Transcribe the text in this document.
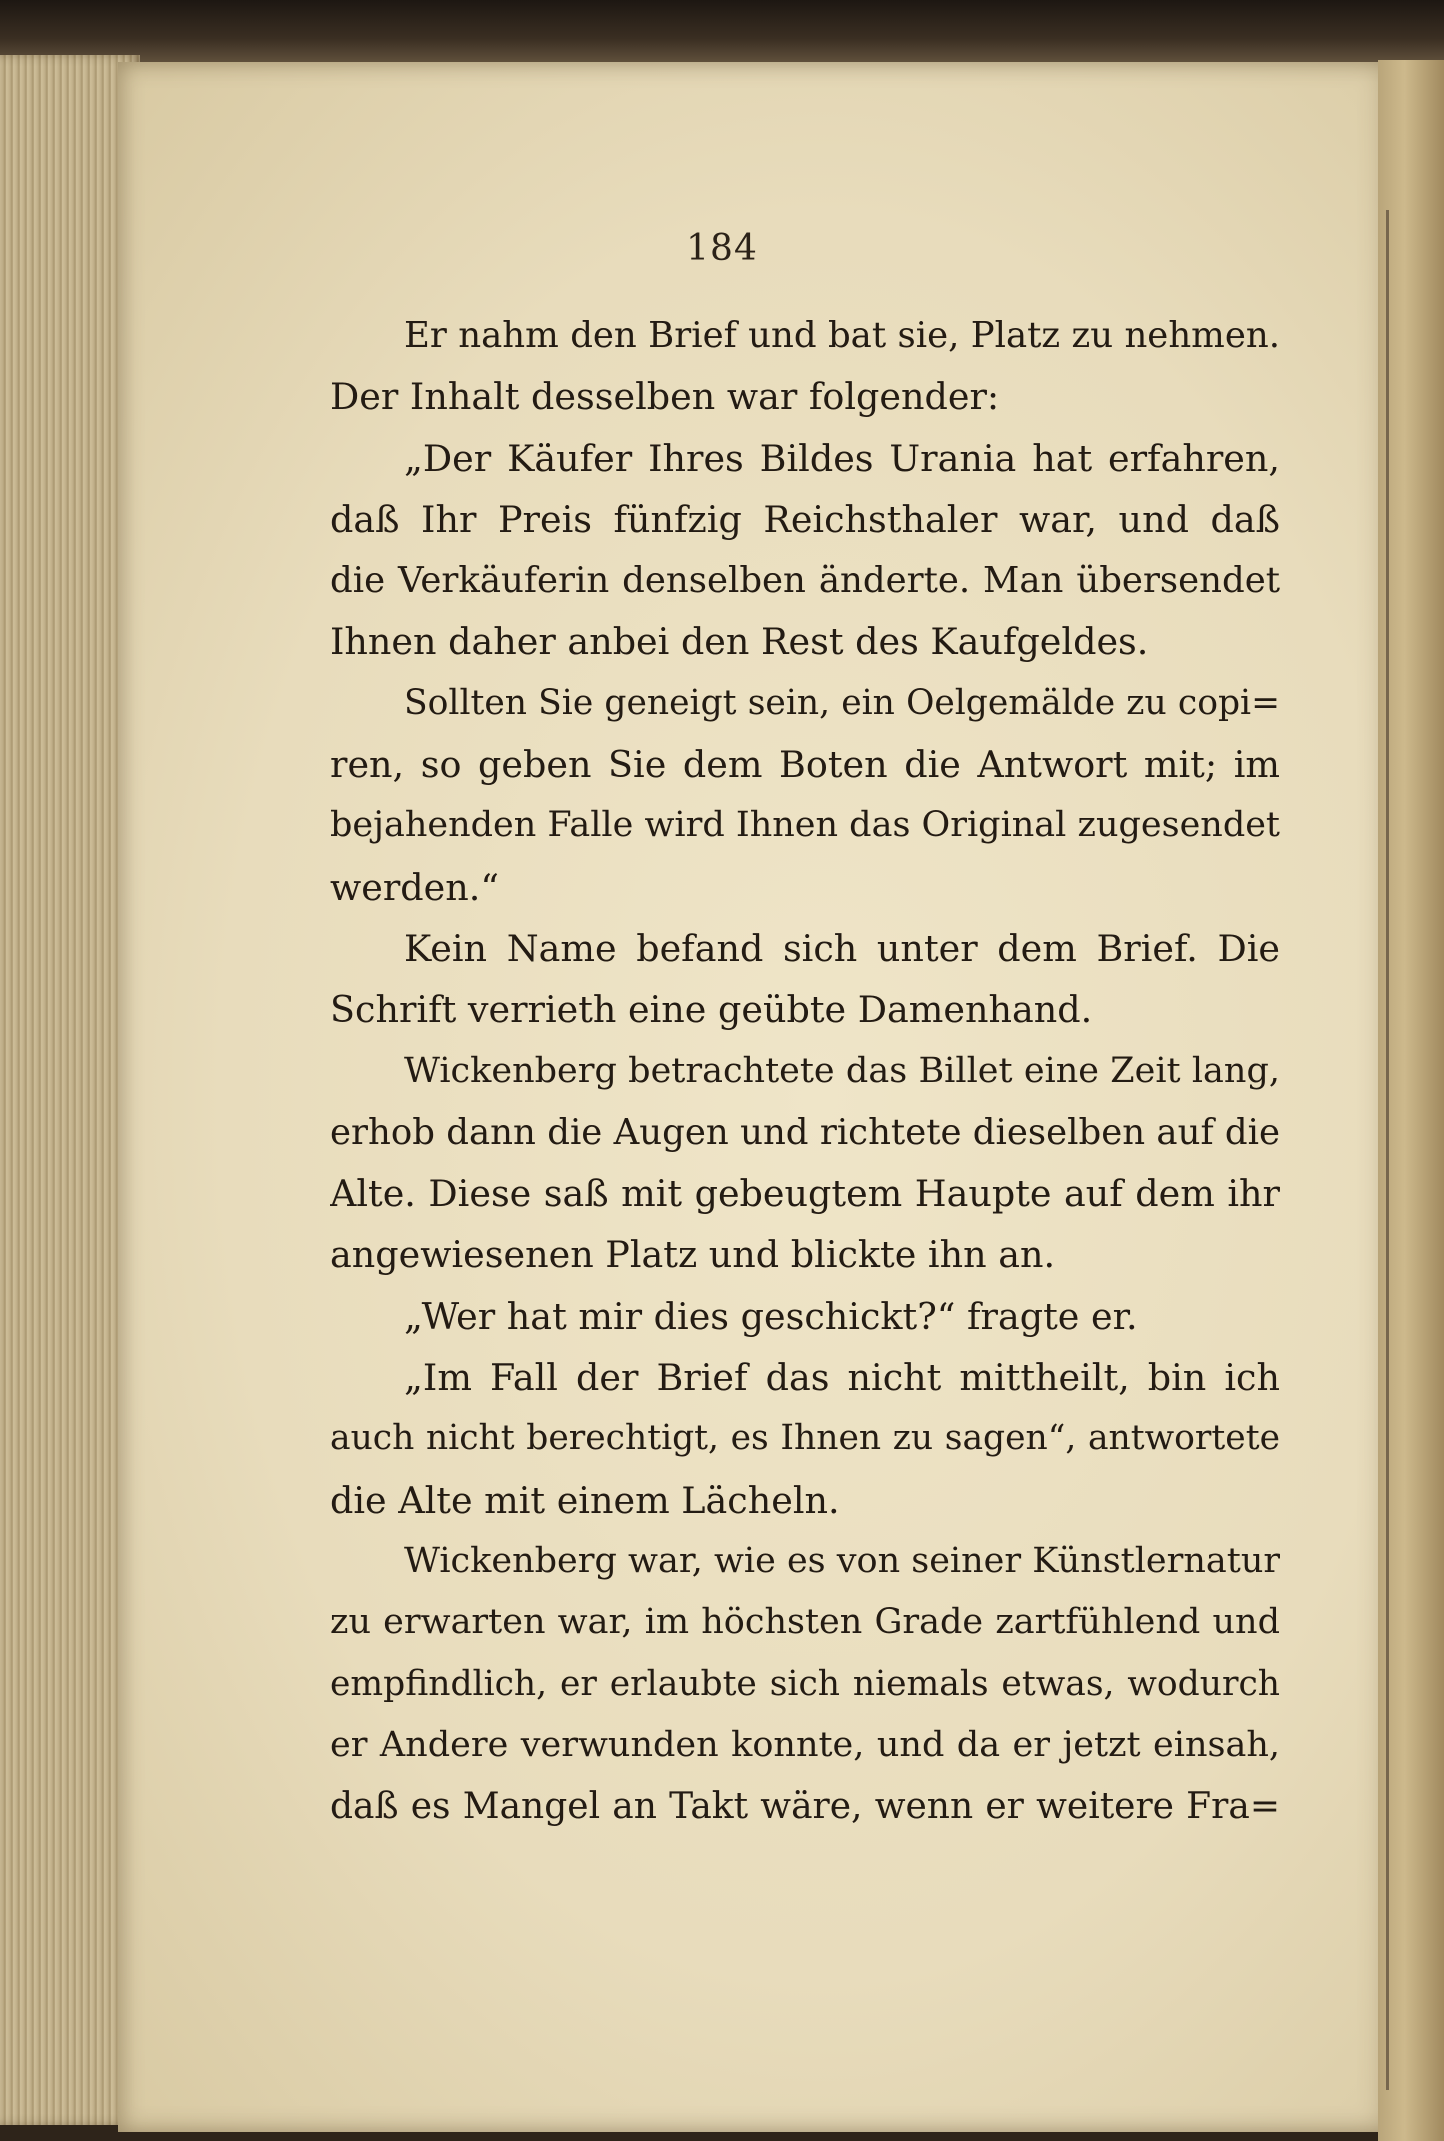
184
Er nahm den Brief und bat sie, Platz zu nehmen.
Der Inhalt desselben war folgender:
„Der Käufer Ihres Bildes Urania hat erfahren,
daß Ihr Preis fünfzig Reichsthaler war, und daß
die Verkäuferin denselben änderte. Man übersendet
Ihnen daher anbei den Rest des Kaufgeldes.
Sollten Sie geneigt sein, ein Oelgemälde zu copi=
ren, so geben Sie dem Boten die Antwort mit; im
bejahenden Falle wird Ihnen das Original zugesendet
werden.“
Kein Name befand sich unter dem Brief. Die
Schrift verrieth eine geübte Damenhand.
Wickenberg betrachtete das Billet eine Zeit lang,
erhob dann die Augen und richtete dieselben auf die
Alte. Diese saß mit gebeugtem Haupte auf dem ihr
angewiesenen Platz und blickte ihn an.
„Wer hat mir dies geschickt?“ fragte er.
„Im Fall der Brief das nicht mittheilt, bin ich
auch nicht berechtigt, es Ihnen zu sagen“, antwortete
die Alte mit einem Lächeln.
Wickenberg war, wie es von seiner Künstlernatur
zu erwarten war, im höchsten Grade zartfühlend und
empfindlich, er erlaubte sich niemals etwas, wodurch
er Andere verwunden konnte, und da er jetzt einsah,
daß es Mangel an Takt wäre, wenn er weitere Fra=
